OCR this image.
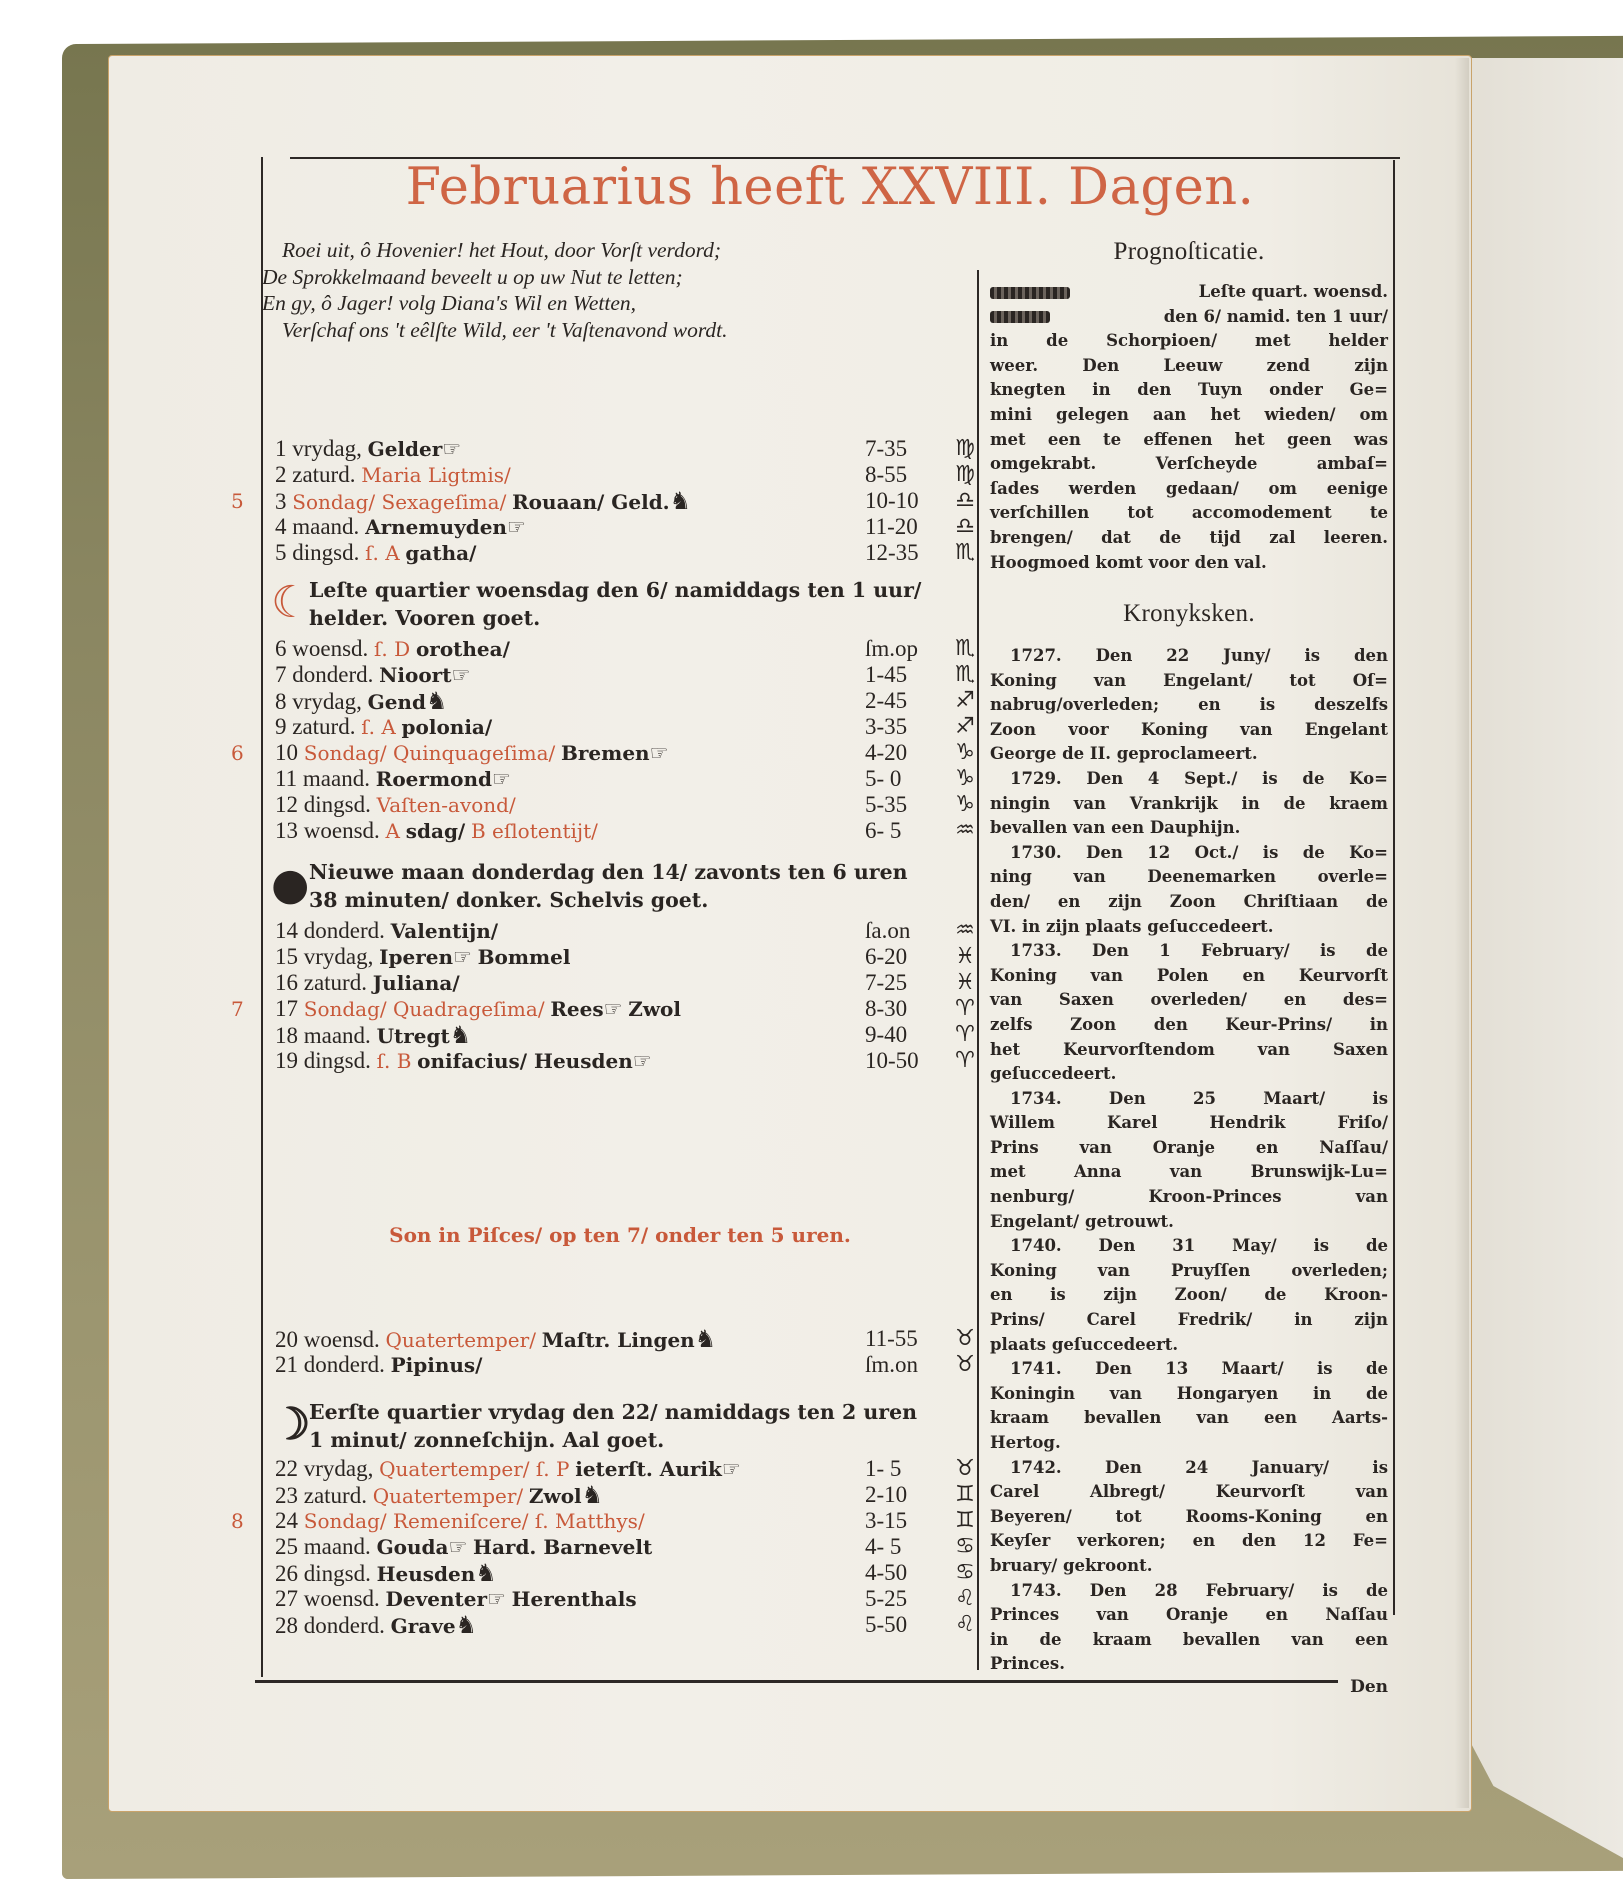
Februarius heeft XXVIII. Dagen.
Roei uit, ô Hovenier! het Hout, door Vorſt verdord;
De Sprokkelmaand beveelt u op uw Nut te letten;
En gy, ô Jager! volg Diana's Wil en Wetten,
Verſchaf ons 't eêlſte Wild, eer 't Vaſtenavond wordt.
1 vrydag, Gelder☞	7-35	♍
2 zaturd. Maria Ligtmis/	8-55	♍
5 3 Sondag/ Sexageſima/ Rouaan/ Geld.♞	10-10	♎
4 maand. Arnemuyden☞	11-20	♎
5 dingsd. ſ. A gatha/	12-35	♏
☾
Leſte quartier woensdag den 6/ namiddags ten 1 uur/
helder. Vooren goet.
6 woensd. ſ. D orothea/	ſm.op	♏
7 donderd. Nioort☞	1-45	♏
8 vrydag, Gend♞	2-45	♐
9 zaturd. ſ. A polonia/	3-35	♐
6 10 Sondag/ Quinquageſima/ Bremen☞	4-20	♑
11 maand. Roermond☞	5- 0	♑
12 dingsd. Vaſten-avond/	5-35	♑
13 woensd. A sdag/ B eſlotentijt/	6- 5	♒
● Nieuwe maan donderdag den 14/ zavonts ten 6 uren
38 minuten/ donker. Schelvis goet.
14 donderd. Valentijn/	ſa.on	♒
15 vrydag, Iperen☞ Bommel	6-20	♓
16 zaturd. Juliana/	7-25	♓
7 17 Sondag/ Quadrageſima/ Rees☞ Zwol	8-30	♈
18 maand. Utregt♞	9-40	♈
19 dingsd. ſ. B onifacius/ Heusden☞	10-50	♈
Son in Piſces/ op ten 7/ onder ten 5 uren.
20 woensd. Quatertemper/ Maſtr. Lingen♞	11-55	♉
21 donderd. Pipinus/	ſm.on	♉
☽
Eerſte quartier vrydag den 22/ namiddags ten 2 uren
1 minut/ zonneſchijn. Aal goet.
22 vrydag, Quatertemper/ ſ. P ieterſt. Aurik☞	1- 5	♉
23 zaturd. Quatertemper/ Zwol♞	2-10	♊
8 24 Sondag/ Remeniſcere/ ſ. Matthys/	3-15	♊
25 maand. Gouda☞ Hard. Barnevelt	4- 5	♋
26 dingsd. Heusden♞	4-50	♋
27 woensd. Deventer☞ Herenthals	5-25	♌
28 donderd. Grave♞	5-50	♌
Prognoſticatie.
Leſte quart. woensd.
den 6/ namid. ten 1 uur/
in de Schorpioen/ met helder
weer. Den Leeuw zend zijn
knegten in den Tuyn onder Ge=
mini gelegen aan het wieden/ om
met een te effenen het geen was
omgekrabt. Verſcheyde ambaſ=
ſades werden gedaan/ om eenige
verſchillen tot accomodement te
brengen/ dat de tijd zal leeren.
Hoogmoed komt voor den val.
Kronyksken.
1727. Den 22 Juny/ is den
Koning van Engelant/ tot Oſ=
nabrug/overleden; en is deszelfs
Zoon voor Koning van Engelant
George de II. geproclameert.
1729. Den 4 Sept./ is de Ko=
ningin van Vrankrijk in de kraem
bevallen van een Dauphijn.
1730. Den 12 Oct./ is de Ko=
ning van Deenemarken overle=
den/ en zijn Zoon Chriſtiaan de
VI. in zijn plaats geſuccedeert.
1733. Den 1 February/ is de
Koning van Polen en Keurvorſt
van Saxen overleden/ en des=
zelfs Zoon den Keur-Prins/ in
het Keurvorſtendom van Saxen
geſuccedeert.
1734. Den 25 Maart/ is
Willem Karel Hendrik Friſo/
Prins van Oranje en Naſſau/
met Anna van Brunswijk-Lu=
nenburg/ Kroon-Princes van
Engelant/ getrouwt.
1740. Den 31 May/ is de
Koning van Pruyſſen overleden;
en is zijn Zoon/ de Kroon-
Prins/ Carel Fredrik/ in zijn
plaats geſuccedeert.
1741. Den 13 Maart/ is de
Koningin van Hongaryen in de
kraam bevallen van een Aarts-
Hertog.
1742. Den 24 January/ is
Carel Albregt/ Keurvorſt van
Beyeren/ tot Rooms-Koning en
Keyſer verkoren; en den 12 Fe=
bruary/ gekroont.
1743. Den 28 February/ is de
Princes van Oranje en Naſſau
in de kraam bevallen van een
Princes.
Den
